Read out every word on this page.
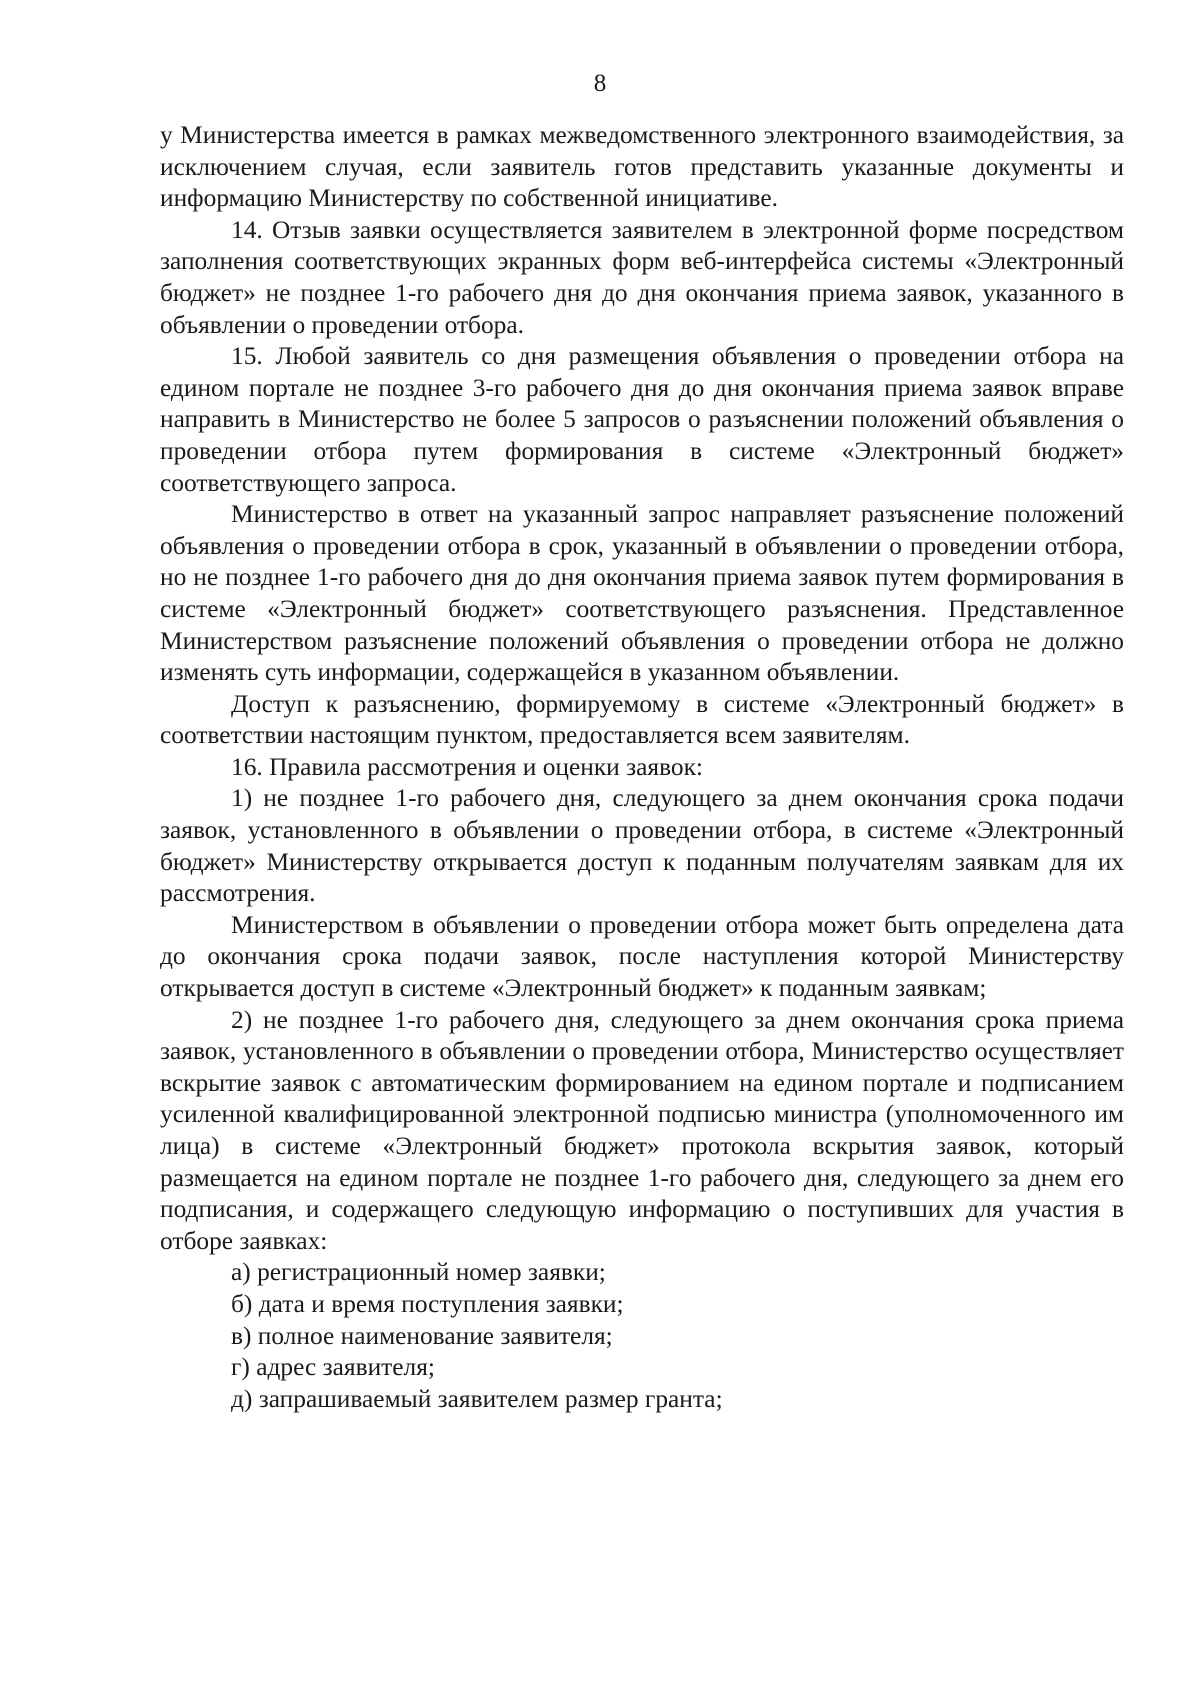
8

у Министерства имеется в рамках межведомственного электронного взаимодействия, за исключением случая, если заявитель готов представить указанные документы и информацию Министерству по собственной инициативе.

14. Отзыв заявки осуществляется заявителем в электронной форме посредством заполнения соответствующих экранных форм веб-интерфейса системы «Электронный бюджет» не позднее 1-го рабочего дня до дня окончания приема заявок, указанного в объявлении о проведении отбора.

15. Любой заявитель со дня размещения объявления о проведении отбора на едином портале не позднее 3-го рабочего дня до дня окончания приема заявок вправе направить в Министерство не более 5 запросов о разъяснении положений объявления о проведении отбора путем формирования в системе «Электронный бюджет» соответствующего запроса.

Министерство в ответ на указанный запрос направляет разъяснение положений объявления о проведении отбора в срок, указанный в объявлении о проведении отбора, но не позднее 1-го рабочего дня до дня окончания приема заявок путем формирования в системе «Электронный бюджет» соответствующего разъяснения. Представленное Министерством разъяснение положений объявления о проведении отбора не должно изменять суть информации, содержащейся в указанном объявлении.

Доступ к разъяснению, формируемому в системе «Электронный бюджет» в соответствии настоящим пунктом, предоставляется всем заявителям.

16. Правила рассмотрения и оценки заявок:

1) не позднее 1-го рабочего дня, следующего за днем окончания срока подачи заявок, установленного в объявлении о проведении отбора, в системе «Электронный бюджет» Министерству открывается доступ к поданным получателям заявкам для их рассмотрения.

Министерством в объявлении о проведении отбора может быть определена дата до окончания срока подачи заявок, после наступления которой Министерству открывается доступ в системе «Электронный бюджет» к поданным заявкам;

2) не позднее 1-го рабочего дня, следующего за днем окончания срока приема заявок, установленного в объявлении о проведении отбора, Министерство осуществляет вскрытие заявок с автоматическим формированием на едином портале и подписанием усиленной квалифицированной электронной подписью министра (уполномоченного им лица) в системе «Электронный бюджет» протокола вскрытия заявок, который размещается на едином портале не позднее 1-го рабочего дня, следующего за днем его подписания, и содержащего следующую информацию о поступивших для участия в отборе заявках:

а) регистрационный номер заявки;

б) дата и время поступления заявки;

в) полное наименование заявителя;

г) адрес заявителя;

д) запрашиваемый заявителем размер гранта;
